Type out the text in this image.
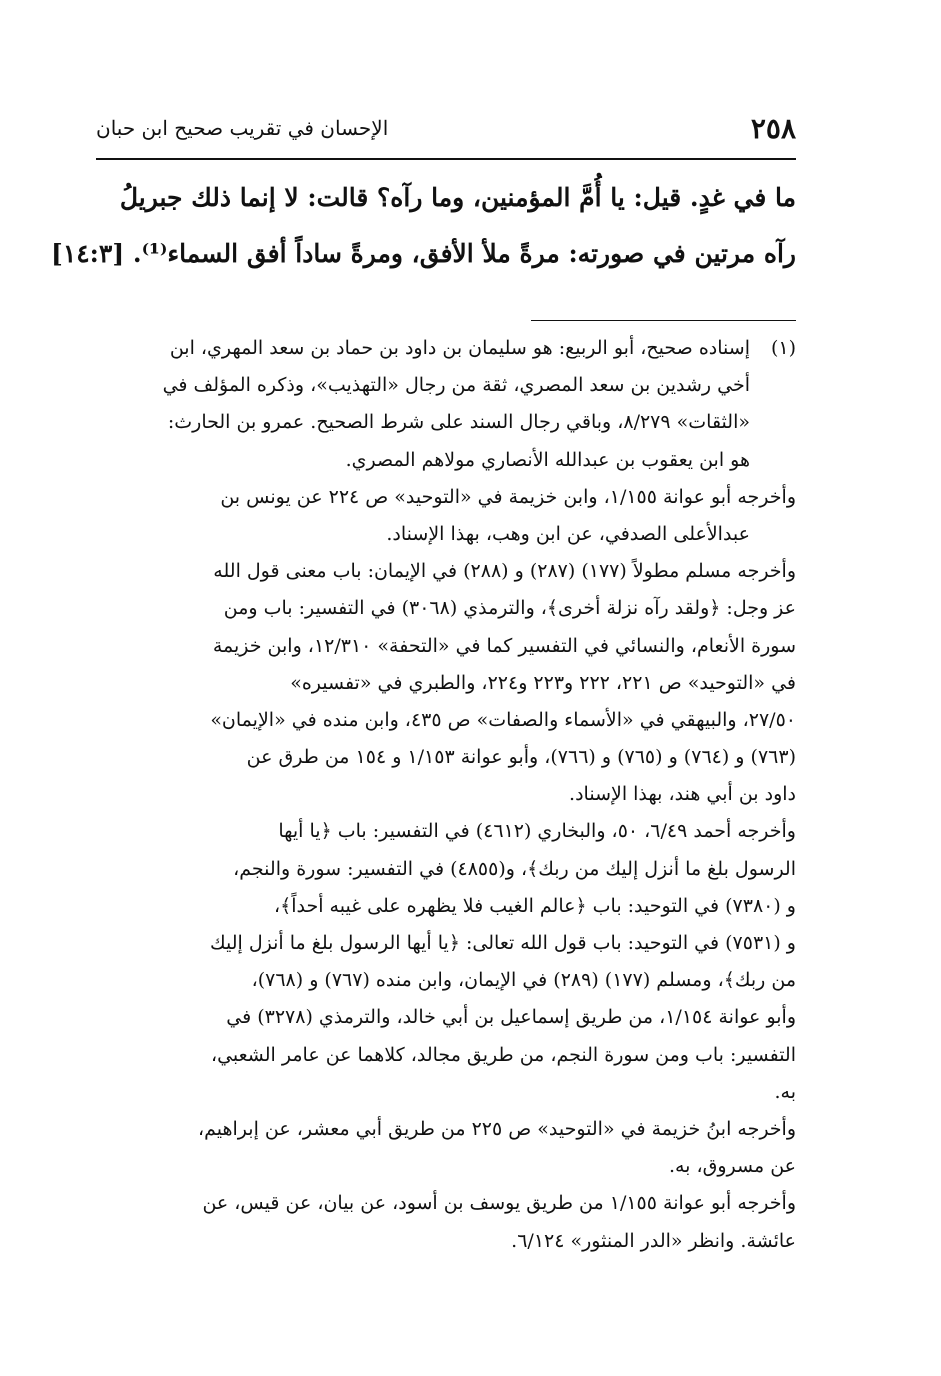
٢٥٨
الإحسان في تقريب صحيح ابن حبان
ما في غدٍ. قيل: يا أُمَّ المؤمنين، وما رآه؟ قالت: لا إنما ذلك جبريلُ
رآه مرتين في صورته: مرةً ملأ الأفق، ومرةً ساداً أفق السماء⁽¹⁾. [١٤:٣]
(١)إسناده صحيح، أبو الربيع: هو سليمان بن داود بن حماد بن سعد المهري، ابن
أخي رشدين بن سعد المصري، ثقة من رجال «التهذيب»، وذكره المؤلف في
«الثقات» ٨/٢٧٩، وباقي رجال السند على شرط الصحيح. عمرو بن الحارث:
هو ابن يعقوب بن عبدالله الأنصاري مولاهم المصري.
وأخرجه أبو عوانة ١/١٥٥، وابن خزيمة في «التوحيد» ص ٢٢٤ عن يونس بن
عبدالأعلى الصدفي، عن ابن وهب، بهذا الإسناد.
وأخرجه مسلم مطولاً (١٧٧) (٢٨٧) و (٢٨٨) في الإيمان: باب معنى قول الله
عز وجل: ﴿ولقد رآه نزلة أخرى﴾، والترمذي (٣٠٦٨) في التفسير: باب ومن
سورة الأنعام، والنسائي في التفسير كما في «التحفة» ١٢/٣١٠، وابن خزيمة
في «التوحيد» ص ٢٢١، ٢٢٢ و٢٢٣ و٢٢٤، والطبري في «تفسيره»
٢٧/٥٠، والبيهقي في «الأسماء والصفات» ص ٤٣٥، وابن منده في «الإيمان»
(٧٦٣) و (٧٦٤) و (٧٦٥) و (٧٦٦)، وأبو عوانة ١/١٥٣ و ١٥٤ من طرق عن
داود بن أبي هند، بهذا الإسناد.
وأخرجه أحمد ٦/٤٩، ٥٠، والبخاري (٤٦١٢) في التفسير: باب ﴿يا أيها
الرسول بلغ ما أنزل إليك من ربك﴾، و(٤٨٥٥) في التفسير: سورة والنجم،
و (٧٣٨٠) في التوحيد: باب ﴿عالم الغيب فلا يظهره على غيبه أحداً﴾،
و (٧٥٣١) في التوحيد: باب قول الله تعالى: ﴿يا أيها الرسول بلغ ما أنزل إليك
من ربك﴾، ومسلم (١٧٧) (٢٨٩) في الإيمان، وابن منده (٧٦٧) و (٧٦٨)،
وأبو عوانة ١/١٥٤، من طريق إسماعيل بن أبي خالد، والترمذي (٣٢٧٨) في
التفسير: باب ومن سورة النجم، من طريق مجالد، كلاهما عن عامر الشعبي،
به.
وأخرجه ابنُ خزيمة في «التوحيد» ص ٢٢٥ من طريق أبي معشر، عن إبراهيم،
عن مسروق، به.
وأخرجه أبو عوانة ١/١٥٥ من طريق يوسف بن أسود، عن بيان، عن قيس، عن
عائشة. وانظر «الدر المنثور» ٦/١٢٤.
